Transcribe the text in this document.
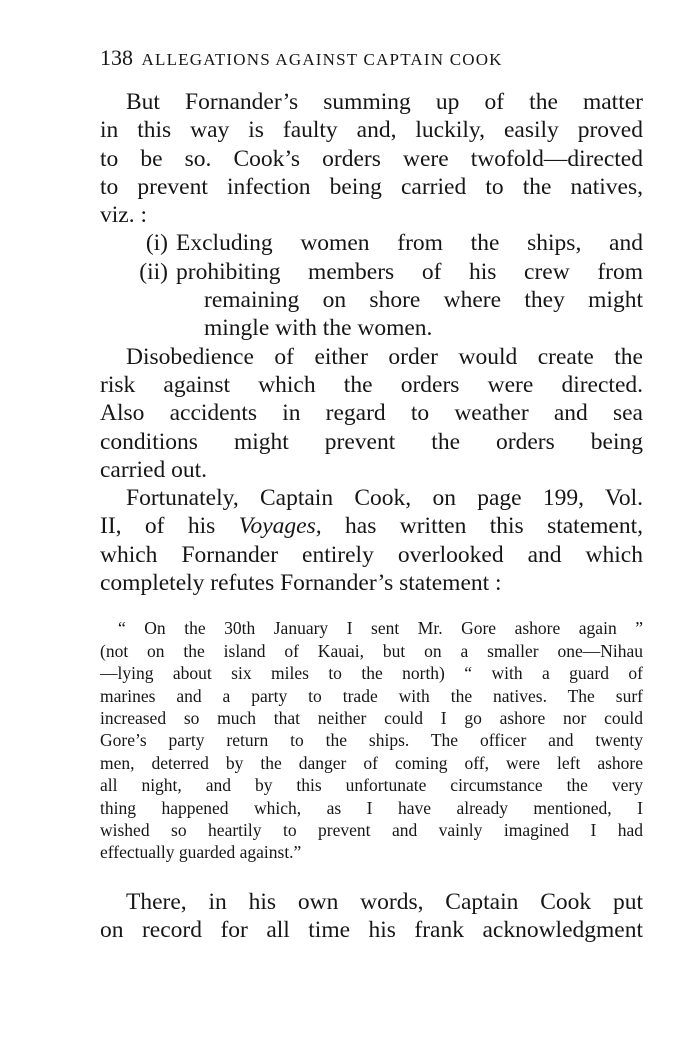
138 ALLEGATIONS AGAINST CAPTAIN COOK
But Fornander’s summing up of the matter
in this way is faulty and, luckily, easily proved
to be so. Cook’s orders were twofold—directed
to prevent infection being carried to the natives,
viz. :
(i) Excluding women from the ships, and
(ii) prohibiting members of his crew from
remaining on shore where they might
mingle with the women.
Disobedience of either order would create the
risk against which the orders were directed.
Also accidents in regard to weather and sea
conditions might prevent the orders being
carried out.
Fortunately, Captain Cook, on page 199, Vol.
II, of his Voyages, has written this statement,
which Fornander entirely overlooked and which
completely refutes Fornander’s statement :
“ On the 30th January I sent Mr. Gore ashore again ”
(not on the island of Kauai, but on a smaller one—Nihau
—lying about six miles to the north) “ with a guard of
marines and a party to trade with the natives. The surf
increased so much that neither could I go ashore nor could
Gore’s party return to the ships. The officer and twenty
men, deterred by the danger of coming off, were left ashore
all night, and by this unfortunate circumstance the very
thing happened which, as I have already mentioned, I
wished so heartily to prevent and vainly imagined I had
effectually guarded against.”
There, in his own words, Captain Cook put
on record for all time his frank acknowledgment
